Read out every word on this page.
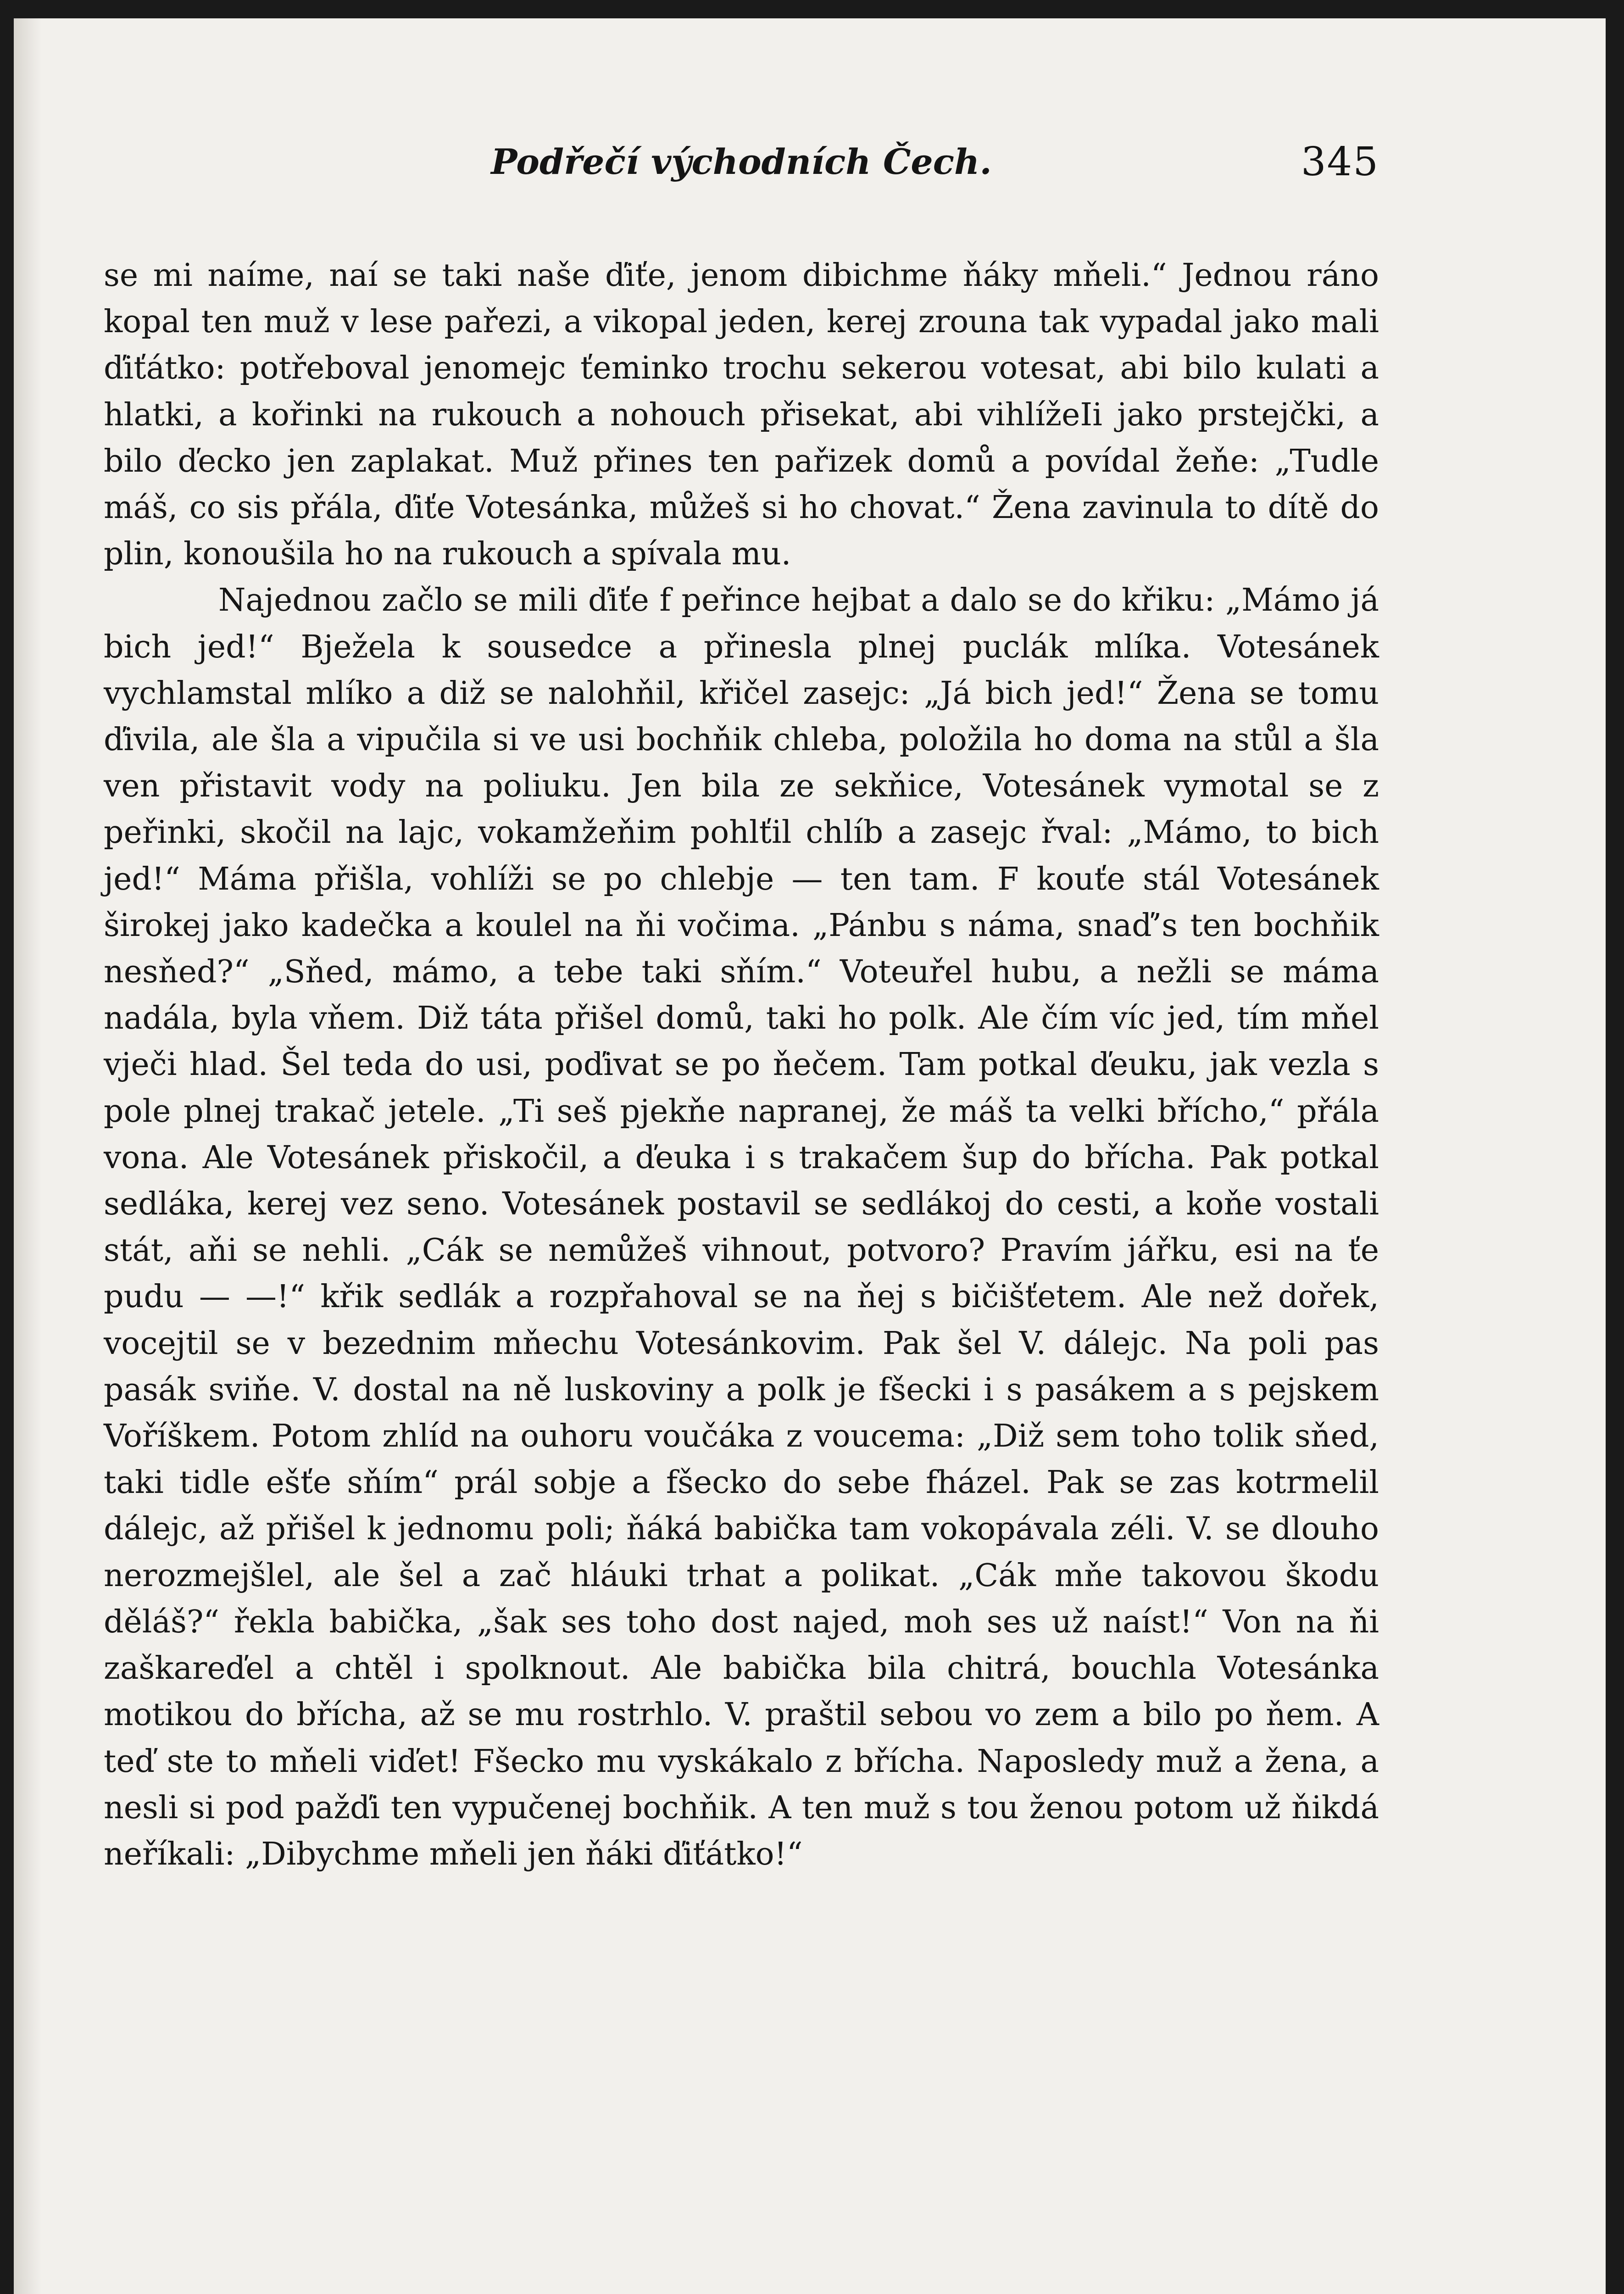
Podřečí východních Čech.	345

se mi naíme, naí se taki naše ďiťe, jenom dibichme ňáky mňeli.“ Jednou ráno kopal ten muž v lese pařezi, a vikopal jeden, kerej zrouna tak vypadal jako mali ďiťátko: potřeboval jenomejc ťeminko trochu sekerou votesat, abi bilo kulati a hlatki, a kořinki na rukouch a nohouch přisekat, abi vihlížeIi jako prstejčki, a bilo ďecko jen zaplakat. Muž přines ten pařizek domů a povídal žeňe: „Tudle máš, co sis přála, ďiťe Votesánka, můžeš si ho chovat.“ Žena zavinula to dítě do plin, konoušila ho na rukouch a spívala mu.

Najednou začlo se mili ďiťe f peřince hejbat a dalo se do křiku: „Mámo já bich jed!“ Bježela k sousedce a přinesla plnej puclák mlíka. Votesánek vychlamstal mlíko a diž se nalohňil, křičel zasejc: „Já bich jed!“ Žena se tomu ďivila, ale šla a vipučila si ve usi bochňik chleba, položila ho doma na stůl a šla ven přistavit vody na poliuku. Jen bila ze sekňice, Votesánek vymotal se z peřinki, skočil na lajc, vokamžeňim pohlťil chlíb a zasejc řval: „Mámo, to bich jed!“ Máma přišla, vohlíži se po chlebje — ten tam. F kouťe stál Votesánek širokej jako kadečka a koulel na ňi vočima. „Pánbu s náma, snaď’s ten bochňik nesňed?“ „Sňed, mámo, a tebe taki sňím.“ Voteuřel hubu, a nežli se máma nadála, byla vňem. Diž táta přišel domů, taki ho polk. Ale čím víc jed, tím mňel vječi hlad. Šel teda do usi, poďivat se po ňečem. Tam potkal ďeuku, jak vezla s pole plnej trakač jetele. „Ti seš pjekňe napranej, že máš ta velki břícho,“ přála vona. Ale Votesánek přiskočil, a ďeuka i s trakačem šup do břícha. Pak potkal sedláka, kerej vez seno. Votesánek postavil se sedlákoj do cesti, a koňe vostali stát, aňi se nehli. „Cák se nemůžeš vihnout, potvoro? Pravím jářku, esi na ťe pudu — —!“ křik sedlák a rozpřahoval se na ňej s bičišťetem. Ale než dořek, vocejtil se v bezednim mňechu Votesánkovim. Pak šel V. dálejc. Na poli pas pasák sviňe. V. dostal na ně luskoviny a polk je fšecki i s pasákem a s pejskem Voříškem. Potom zhlíd na ouhoru voučáka z voucema: „Diž sem toho tolik sňed, taki tidle ešťe sňím“ prál sobje a fšecko do sebe fházel. Pak se zas kotrmelil dálejc, až přišel k jednomu poli; ňáká babička tam vokopávala zéli. V. se dlouho nerozmejšlel, ale šel a zač hláuki trhat a polikat. „Cák mňe takovou škodu děláš?“ řekla babička, „šak ses toho dost najed, moh ses už naíst!“ Von na ňi zaškareďel a chtěl i spolknout. Ale babička bila chitrá, bouchla Votesánka motikou do břícha, až se mu rostrhlo. V. praštil sebou vo zem a bilo po ňem. A teď ste to mňeli viďet! Fšecko mu vyskákalo z břícha. Naposledy muž a žena, a nesli si pod pažďi ten vypučenej bochňik. A ten muž s tou ženou potom už ňikdá neříkali: „Dibychme mňeli jen ňáki ďiťátko!“
